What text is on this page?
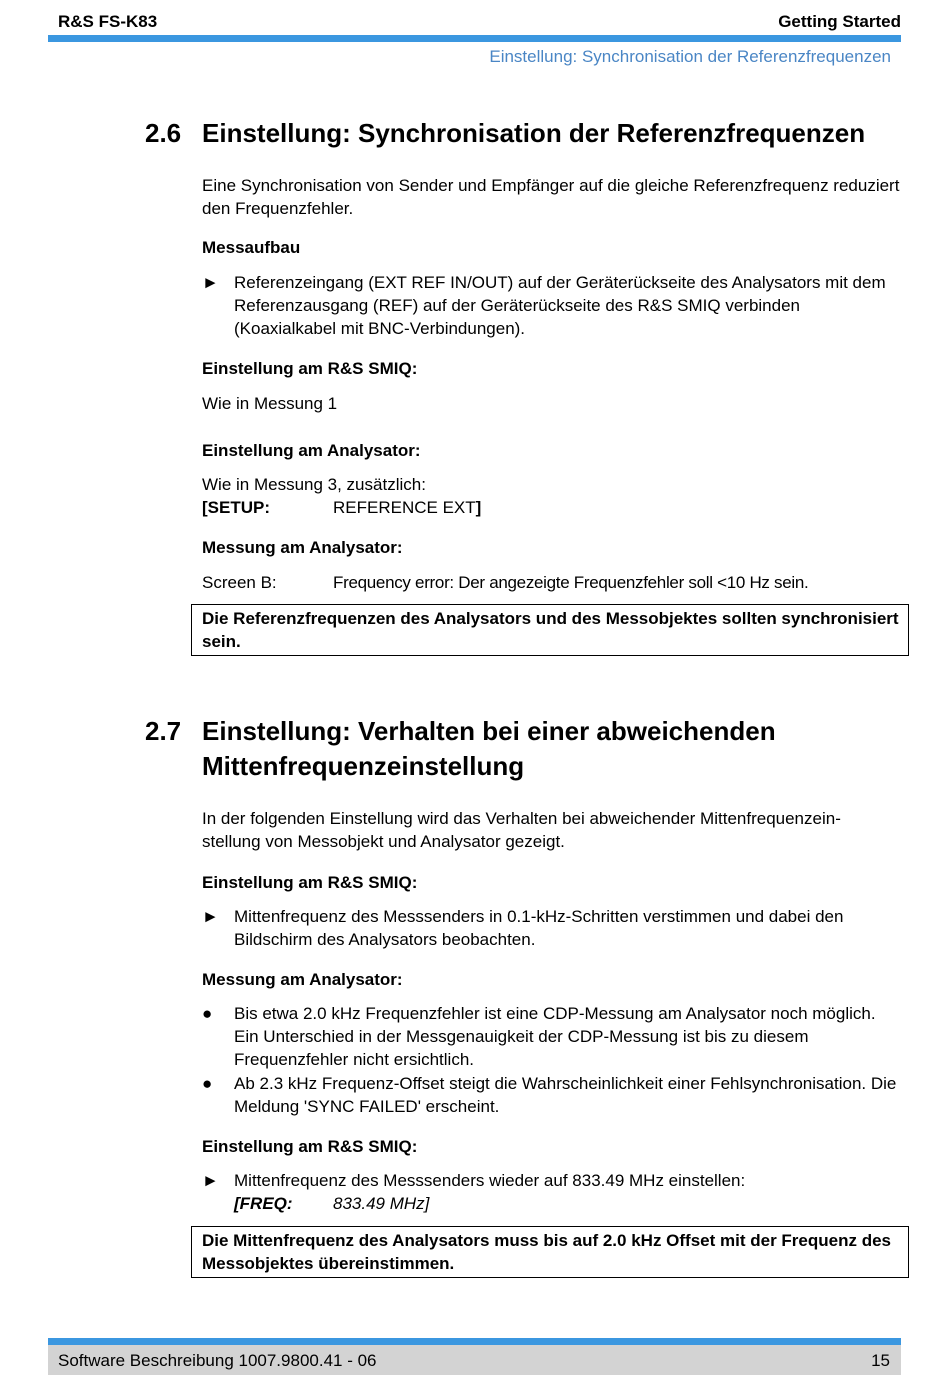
R&S FS-K83	Getting Started
Einstellung: Synchronisation der Referenzfrequenzen
2.6 Einstellung: Synchronisation der Referenzfrequenzen
Eine Synchronisation von Sender und Empfänger auf die gleiche Referenzfrequenz reduziert den Frequenzfehler.
Messaufbau
► Referenzeingang (EXT REF IN/OUT) auf der Geräterückseite des Analysators mit dem Referenzausgang (REF) auf der Geräterückseite des R&S SMIQ verbinden (Koaxialkabel mit BNC-Verbindungen).
Einstellung am R&S SMIQ:
Wie in Messung 1
Einstellung am Analysator:
Wie in Messung 3, zusätzlich:
[SETUP:	REFERENCE EXT]
Messung am Analysator:
Screen B:	Frequency error: Der angezeigte Frequenzfehler soll <10 Hz sein.
Die Referenzfrequenzen des Analysators und des Messobjektes sollten synchronisiert sein.
2.7 Einstellung: Verhalten bei einer abweichenden Mittenfrequenzeinstellung
In der folgenden Einstellung wird das Verhalten bei abweichender Mittenfrequenzein-stellung von Messobjekt und Analysator gezeigt.
Einstellung am R&S SMIQ:
► Mittenfrequenz des Messsenders in 0.1-kHz-Schritten verstimmen und dabei den Bildschirm des Analysators beobachten.
Messung am Analysator:
● Bis etwa 2.0 kHz Frequenzfehler ist eine CDP-Messung am Analysator noch möglich. Ein Unterschied in der Messgenauigkeit der CDP-Messung ist bis zu diesem Frequenzfehler nicht ersichtlich.
● Ab 2.3 kHz Frequenz-Offset steigt die Wahrscheinlichkeit einer Fehlsynchronisation. Die Meldung 'SYNC FAILED' erscheint.
Einstellung am R&S SMIQ:
► Mittenfrequenz des Messsenders wieder auf 833.49 MHz einstellen:
[FREQ:	833.49 MHz]
Die Mittenfrequenz des Analysators muss bis auf 2.0 kHz Offset mit der Frequenz des Messobjektes übereinstimmen.
Software Beschreibung 1007.9800.41 - 06	15
